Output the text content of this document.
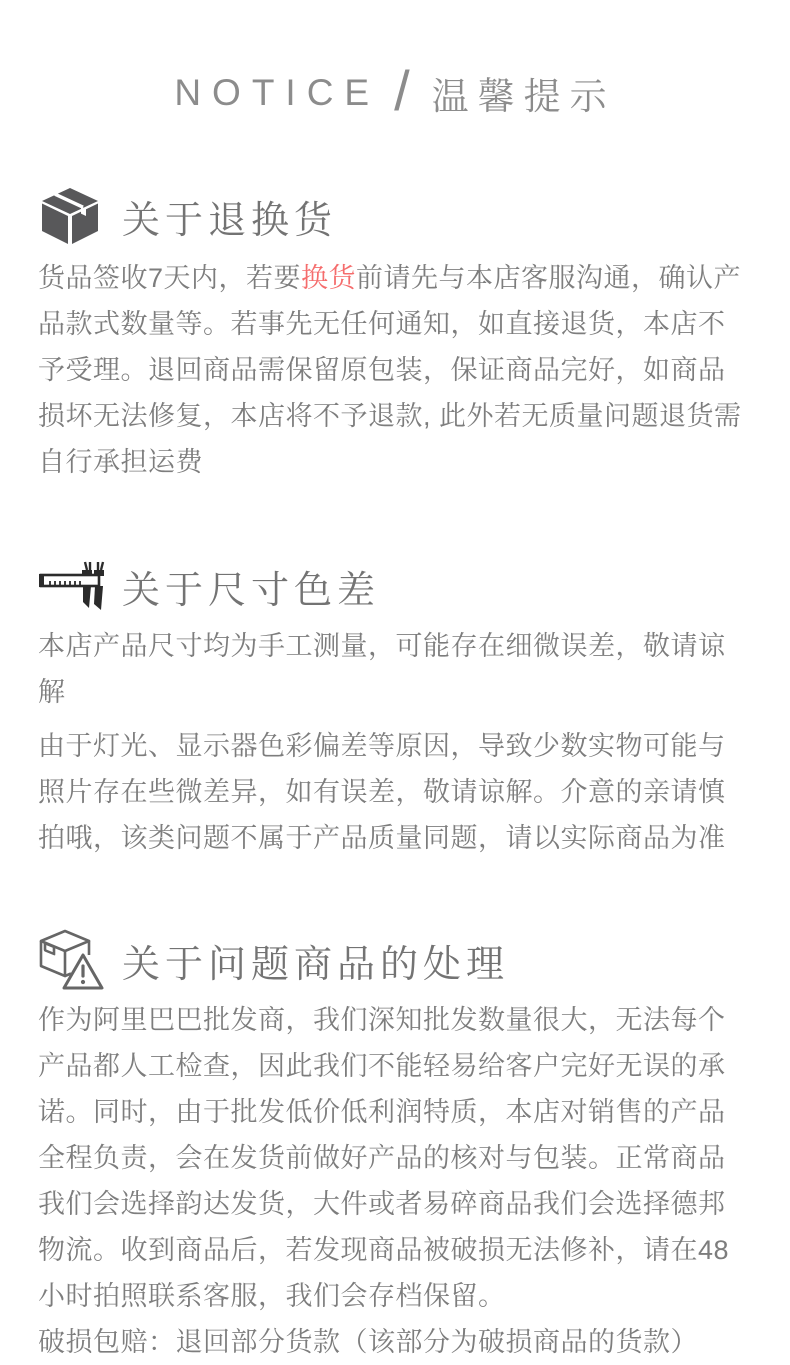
NOTICE / 温馨提示
关于退换货

货品签收7天内，若要换货前请先与本店客服沟通，确认产品款式数量等。若事先无任何通知，如直接退货，本店不予受理。退回商品需保留原包装，保证商品完好，如商品损坏无法修复，本店将不予退款, 此外若无质量问题退货需自行承担运费

关于尺寸色差

本店产品尺寸均为手工测量，可能存在细微误差，敬请谅解

由于灯光、显示器色彩偏差等原因，导致少数实物可能与照片存在些微差异，如有误差，敬请谅解。介意的亲请慎拍哦，该类问题不属于产品质量同题，请以实际商品为准

关于问题商品的处理

作为阿里巴巴批发商，我们深知批发数量很大，无法每个产品都人工检查，因此我们不能轻易给客户完好无误的承诺。同时，由于批发低价低利润特质，本店对销售的产品全程负责，会在发货前做好产品的核对与包装。正常商品我们会选择韵达发货，大件或者易碎商品我们会选择德邦物流。收到商品后，若发现商品被破损无法修补，请在48小时拍照联系客服，我们会存档保留。

破损包赔：退回部分货款（该部分为破损商品的货款）
